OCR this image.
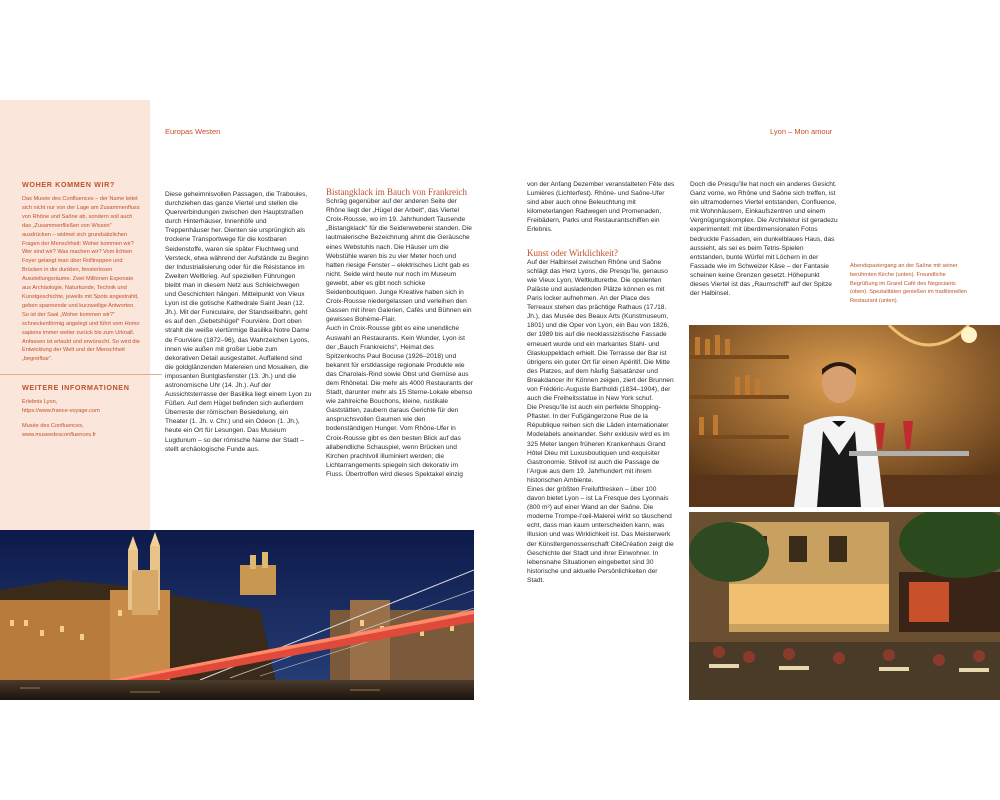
WOHER KOMMEN WIR?

Das Musée des Confluences – der Name leitet sich nicht nur von der Lage am Zusammenfluss von Rhône und Saône ab, sondern soll auch das „Zusammenfließen von Wissen“ ausdrücken – widmet sich grundsätzlichen Fragen der Menschheit: Woher kommen wir? Wer sind wir? Was machen wir? Vom lichten Foyer gelangt man über Rolltreppen und Brücken in die dunklen, fensterlosen Ausstellungsräume. Zwei Millionen Exponate aus Archäologie, Naturkunde, Technik und Kunstgeschichte, jeweils mit Spots angestrahlt, geben spannende und kurzweilige Antworten. So ist der Saal „Woher kommen wir?“ schneckenförmig angelegt und führt vom Homo sapiens immer weiter zurück bis zum Urknall. Anfassen ist erlaubt und erwünscht. So wird die Entwicklung der Welt und der Menschheit „begreifbar“.

WEITERE INFORMATIONEN

Erlebnis Lyon,
https://www.france-voyage.com

Musée des Confluences,
www.museedesconfluences.fr

Europas Westen	Lyon – Mon amour

Diese geheimnisvollen Passagen, die Traboules, durchziehen das ganze Viertel und stellen die Querverbindungen zwischen den Hauptstraßen durch Hinterhäuser, Innenhöfe und Treppenhäuser her. Dienten sie ursprünglich als trockene Transportwege für die kostbaren Seidenstoffe, waren sie später Fluchtweg und Versteck, etwa während der Aufstände zu Beginn der Industrialisierung oder für die Résistance im Zweiten Weltkrieg. Auf speziellen Führungen bleibt man in diesem Netz aus Schleichwegen und Geschichten hängen. Mittelpunkt von Vieux Lyon ist die gotische Kathedrale Saint Jean (12. Jh.). Mit der Funiculaire, der Standseilbahn, geht es auf den „Gebetshügel“ Fourvière. Dort oben strahlt die weiße viertürmige Basilika Notre Dame de Fourvière (1872–96), das Wahrzeichen Lyons, innen wie außen mit großer Liebe zum dekorativen Detail ausgestattet. Auffallend sind die goldglänzenden Malereien und Mosaiken, die imposanten Buntglasfenster (13. Jh.) und die astronomische Uhr (14. Jh.). Auf der Aussichtsterrasse der Basilika liegt einem Lyon zu Füßen. Auf dem Hügel befinden sich außerdem Überreste der römischen Besiedelung, ein Theater (1. Jh. v. Chr.) und ein Odeon (1. Jh.), heute ein Ort für Lesungen. Das Museum Lugdunum – so der römische Name der Stadt – stellt archäologische Funde aus.

Bistangklack im Bauch von Frankreich

Schräg gegenüber auf der anderen Seite der Rhône liegt der „Hügel der Arbeit“, das Viertel Croix-Rousse, wo im 19. Jahrhundert Tausende „Bistangklack“ für die Seidenweberei standen. Die lautmalerische Bezeichnung ahmt die Geräusche eines Webstuhls nach. Die Häuser um die Webstühle waren bis zu vier Meter hoch und hatten riesige Fenster – elektrisches Licht gab es nicht. Seide wird heute nur noch im Museum gewebt, aber es gibt noch schicke Seidenboutiquen. Junge Kreative haben sich in Croix-Rousse niedergelassen und verleihen den Gassen mit ihren Galerien, Cafés und Bühnen ein gewisses Bohème-Flair.

Auch in Croix-Rousse gibt es eine unendliche Auswahl an Restaurants. Kein Wunder, Lyon ist der „Bauch Frankreichs“, Heimat des Spitzenkochs Paul Bocuse (1926–2018) und bekannt für erstklassige regionale Produkte wie das Charolais-Rind sowie Obst und Gemüse aus dem Rhônetal. Die mehr als 4000 Restaurants der Stadt, darunter mehr als 15 Sterne-Lokale ebenso wie zahlreiche Bouchons, kleine, rustikale Gaststätten, zaubern daraus Gerichte für den anspruchsvollen Gaumen wie den bodenständigen Hunger. Vom Rhône-Ufer in Croix-Rousse gibt es den besten Blick auf das allabendliche Schauspiel, wenn Brücken und Kirchen prachtvoll illuminiert werden; die Lichtarrangements spiegeln sich dekorativ im Fluss. Übertroffen wird dieses Spektakel einzig

von der Anfang Dezember veranstalteten Fête des Lumières (Lichterfest). Rhône- und Saône-Ufer sind aber auch ohne Beleuchtung mit kilometerlangen Radwegen und Promenaden, Freibädern, Parks und Restaurantschiffen ein Erlebnis.

Kunst oder Wirklichkeit?

Auf der Halbinsel zwischen Rhône und Saône schlägt das Herz Lyons, die Presqu’île, genauso wie Vieux Lyon, Weltkulturerbe. Die opulenten Paläste und ausladenden Plätze können es mit Paris locker aufnehmen. An der Place des Terreaux stehen das prächtige Rathaus (17./18. Jh.), das Musée des Beaux Arts (Kunstmuseum, 1801) und die Oper von Lyon, ein Bau von 1826, der 1989 bis auf die neoklassizistische Fassade erneuert wurde und ein markantes Stahl- und Glaskuppeldach erhielt. Die Terrasse der Bar ist übrigens ein guter Ort für einen Apéritif. Die Mitte des Platzes, auf dem häufig Salsatänzer und Breakdancer ihr Können zeigen, ziert der Brunnen von Frédéric-Auguste Bartholdi (1834–1904), der auch die Freiheitsstatue in New York schuf.

Die Presqu’île ist auch ein perfekte Shopping-Pflaster. In der Fußgängerzone Rue de la République reihen sich die Läden internationaler Modelabels aneinander. Sehr exklusiv wird es im 325 Meter langen früheren Krankenhaus Grand Hôtel Dieu mit Luxusboutiquen und exquisiter Gastronomie. Stilvoll ist auch die Passage de l’Argue aus dem 19. Jahrhundert mit ihrem historischen Ambiente.

Eines der größten Freiluftfresken – über 100 davon bietet Lyon – ist La Fresque des Lyonnais (800 m²) auf einer Wand an der Saône. Die moderne Trompe-l’œil-Malerei wirkt so täuschend echt, dass man kaum unterscheiden kann, was Illusion und was Wirklichkeit ist. Das Meisterwerk der Künstlergenossenschaft CitéCréation zeigt die Geschichte der Stadt und ihrer Einwohner. In lebensnahe Situationen eingebettet sind 30 historische und aktuelle Persönlichkeiten der Stadt.

Doch die Presqu’île hat noch ein anderes Gesicht. Ganz vorne, wo Rhône und Saône sich treffen, ist ein ultramodernes Viertel entstanden, Confluence, mit Wohnhäusern, Einkaufszentren und einem Vergnügungskomplex. Die Architektur ist geradezu experimentell: mit überdimensionalen Fotos bedruckte Fassaden, ein dunkelblaues Haus, das aussieht, als sei es beim Tetris-Spielen entstanden, bunte Würfel mit Löchern in der Fassade wie im Schweizer Käse – der Fantasie scheinen keine Grenzen gesetzt. Höhepunkt dieses Viertel ist das „Raumschiff“ auf der Spitze der Halbinsel.

Abendspaziergang an der Saône mit seiner berühmten Kirche (unten). Freundliche Begrüßung im Grand Café des Negociants (oben). Spezialitäten genießen im traditionellen Restaurant (unten).
